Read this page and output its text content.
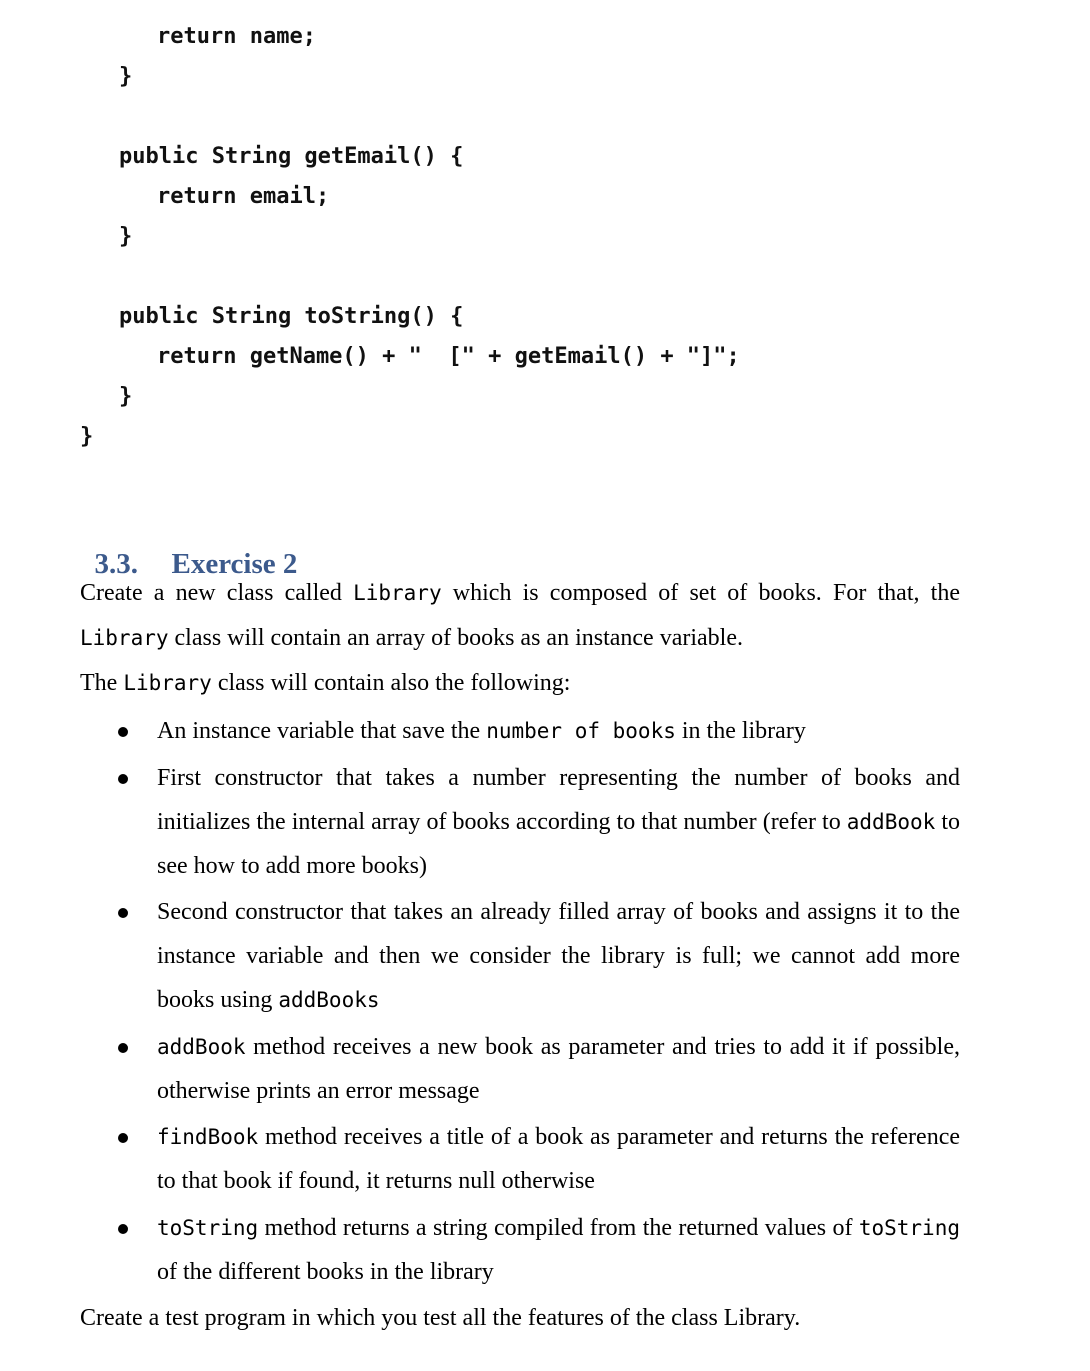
return name;
}
public String getEmail() {
return email;
}
public String toString() {
return getName() + "  [" + getEmail() + "]";
}
}

3.3. Exercise 2

Create a new class called Library which is composed of set of books. For that, the Library class will contain an array of books as an instance variable.
The Library class will contain also the following:
An instance variable that save the number of books in the library
First constructor that takes a number representing the number of books and initializes the internal array of books according to that number (refer to addBook to see how to add more books)
Second constructor that takes an already filled array of books and assigns it to the instance variable and then we consider the library is full; we cannot add more books using addBooks
addBook method receives a new book as parameter and tries to add it if possible, otherwise prints an error message
findBook method receives a title of a book as parameter and returns the reference to that book if found, it returns null otherwise
toString method returns a string compiled from the returned values of toString of the different books in the library
Create a test program in which you test all the features of the class Library.
